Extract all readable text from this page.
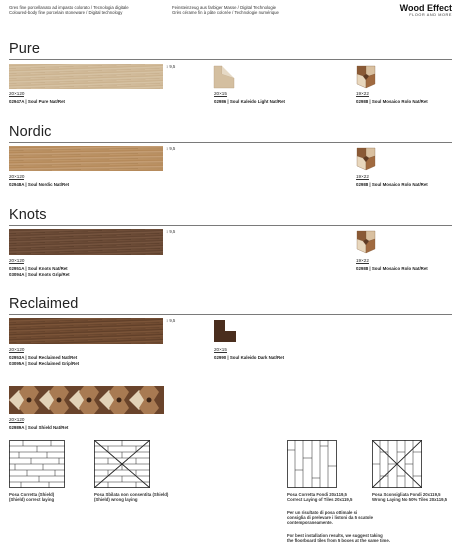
Gres fine porcellanato ad impasto colorato / Tecnologia digitale
Coloured-body fine porcelain stoneware / Digital technology
Feinsteinzeug aus farbiger Masse / Digital Technologie
Grès cérame fin à pâte colorée / Technologie numérique	Wood Effect
FLOOR AND MORE
Pure
↕ 9,5
20×120
02947A | Soul Pure Nat/Ret
20×15
02986 | Soul Kaleido Light Nat/Ret
19×22
02988 | Soul Mosaico Rolo Nat/Ret
Nordic
↕ 9,5
20×120
02948A | Soul Nordic Nat/Ret
19×22
02988 | Soul Mosaico Rolo Nat/Ret
Knots
↕ 9,5
20×120
02951A | Soul Knots Nat/Ret
03094A | Soul Knots Grip/Ret
19×22
02988 | Soul Mosaico Rolo Nat/Ret
Reclaimed
↕ 9,5
20×120
02953A | Soul Reclaimed Nat/Ret
03095A | Soul Reclaimed Grip/Ret
20×15
02990 | Soul Kaleido Dark Nat/Ret
20×120
02989A | Soul Shield Nat/Ret
Posa Corretta (Shield)
(Shield) correct laying
Posa Sbilata non consentita (Shield)
(Shield) wrong laying
Posa Corretta Fondi 20x119,5
Correct Laying of Tiles 20x119,5
Posa Sconsigliata Fondi 20x119,5
Wrong Laying No 50% Tiles 20x119,5
Per un risultato di posa ottimale si
consiglia di prelevare i listoni da 5 scatole
contemporaneamente.
For best installation results, we suggest taking
the floorboard tiles from 5 boxes at the same time.
